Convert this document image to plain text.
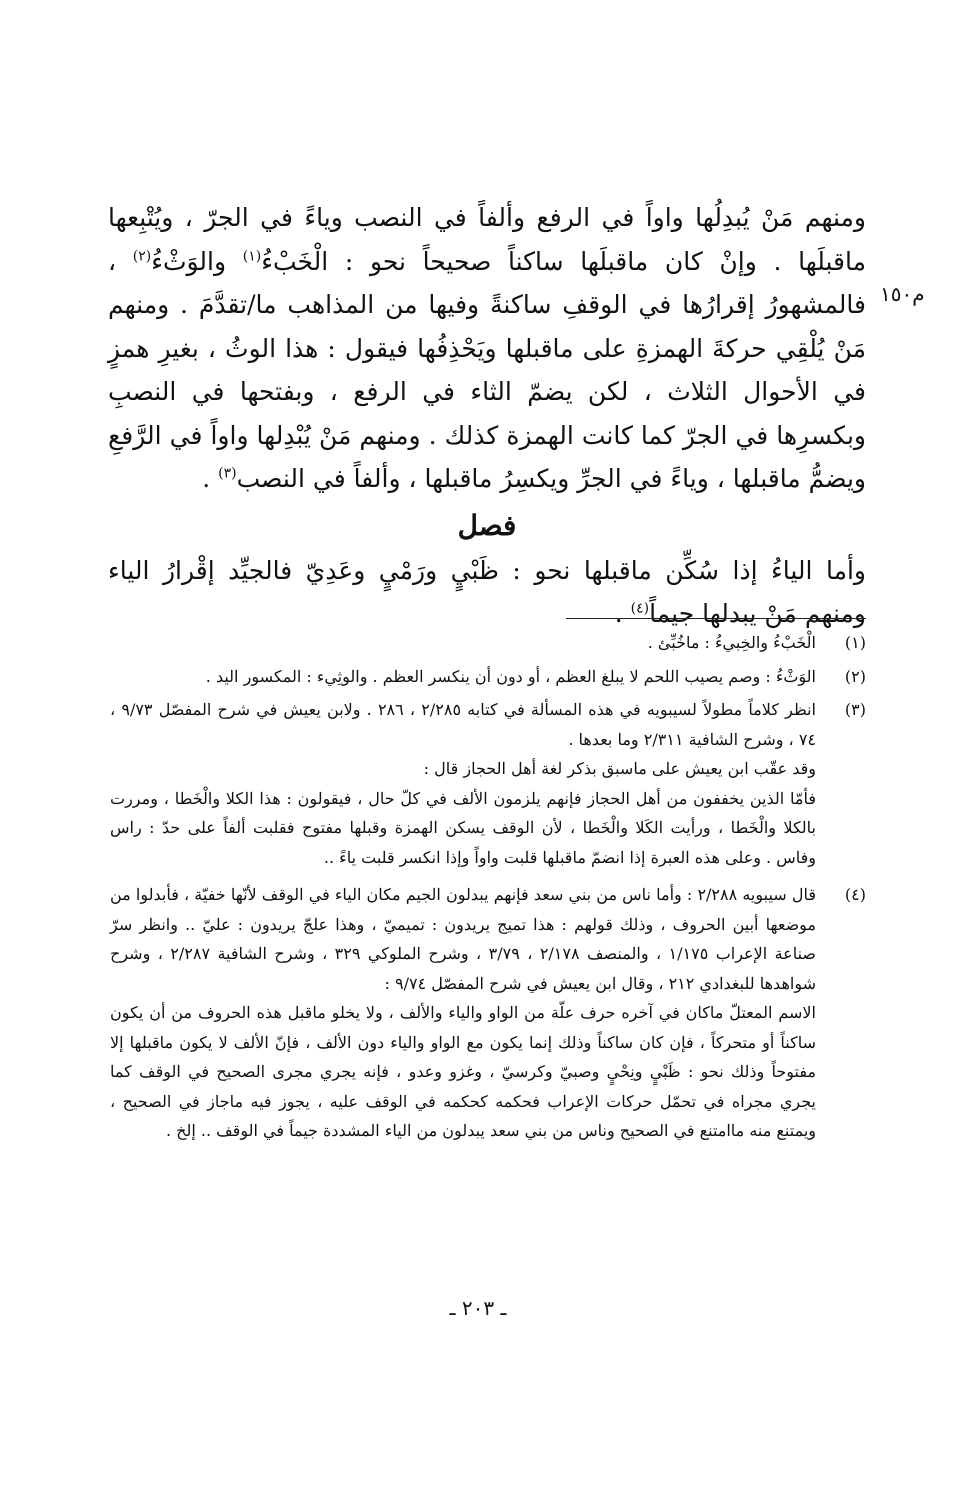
م١٥٠

ومنهم مَنْ يُبدِلُها واواً في الرفع وألفاً في النصب وياءً في الجرّ ، ويُتْبِعها ماقبلَها . وإنْ كان ماقبلَها ساكناً صحيحاً نحو : الْخَبْءُ$^{(١)}$ والوَثْءُ$^{(٢)}$ ، فالمشهورُ إقرارُها في الوقفِ ساكنةً وفيها من المذاهب ما/تقدَّمَ . ومنهم مَنْ يُلْقِي حركةَ الهمزةِ على ماقبلها ويَحْذِفُها فيقول : هذا الوثُ ، بغيرِ همزٍ في الأحوال الثلاث ، لكن يضمّ الثاء في الرفع ، وبفتحها في النصبِ وبكسرِها في الجرّ كما كانت الهمزة كذلك . ومنهم مَنْ يُبْدِلها واواً في الرَّفعِ ويضمُّ ماقبلها ، وياءً في الجرِّ ويكسِرُ ماقبلها ، وألفاً في النصب$^{(٣)}$ .

فصل

وأما الياءُ إذا سُكِّن ماقبلها نحو : ظَبْيٍ ورَمْيٍ وعَدِيّ فالجيِّد إقْرارُ الياء ومنهم مَنْ يبدلها جيماً$^{(٤)}$ .

(١)
الْخَبْءُ والخِبيءُ : ماخُبِّئ .
(٢)
الوَثْءُ : وصم يصيب اللحم لا يبلغ العظم ، أو دون أن ينكسر العظم . والوثِيء : المكسور اليد .
(٣)
انظر كلاماً مطولاً لسيبويه في هذه المسألة في كتابه ٢/٢٨٥ ، ٢٨٦ . ولابن يعيش في شرح المفصّل ٩/٧٣ ، ٧٤ ، وشرح الشافية ٢/٣١١ وما بعدها .
وقد عقّب ابن يعيش على ماسبق بذكر لغة أهل الحجاز قال :
فأمّا الذين يخففون من أهل الحجاز فإنهم يلزمون الألف في كلّ حال ، فيقولون : هذا الكلا والْخَطا ، ومررت بالكلا والْخَطا ، ورأيت الكَلا والْخَطا ، لأن الوقف يسكن الهمزة وقبلها مفتوح فقلبت ألفاً على حدّ : راس وفاس . وعلى هذه العبرة إذا انضمّ ماقبلها قلبت واواً وإذا انكسر قلبت ياءً ..
(٤)
قال سيبويه ٢/٢٨٨ : وأما ناس من بني سعد فإنهم يبدلون الجيم مكان الياء في الوقف لأنّها خفيّة ، فأبدلوا من موضعها أبين الحروف ، وذلك قولهم : هذا تميج يريدون : تميميّ ، وهذا علجّ يريدون : عليّ .. وانظر سرّ صناعة الإعراب ١/١٧٥ ، والمنصف ٢/١٧٨ ، ٣/٧٩ ، وشرح الملوكي ٣٢٩ ، وشرح الشافية ٢/٢٨٧ ، وشرح شواهدها للبغدادي ٢١٢ ، وقال ابن يعيش في شرح المفصّل ٩/٧٤ :
الاسم المعتلّ ماكان في آخره حرف علّة من الواو والياء والألف ، ولا يخلو ماقبل هذه الحروف من أن يكون ساكناً أو متحركاً ، فإن كان ساكناً وذلك إنما يكون مع الواو والياء دون الألف ، فإنّ الألف لا يكون ماقبلها إلا مفتوحاً وذلك نحو : ظَبْيٍ ونِحْيٍ وصبيّ وكرسيّ ، وغزو وعدو ، فإنه يجري مجرى الصحيح في الوقف كما يجري مجراه في تحمّل حركات الإعراب فحكمه كحكمه في الوقف عليه ، يجوز فيه ماجاز في الصحيح ، ويمتنع منه ماامتنع في الصحيح وناس من بني سعد يبدلون من الياء المشددة جيماً في الوقف .. إلخ .
ـ ٢٠٣ ـ
